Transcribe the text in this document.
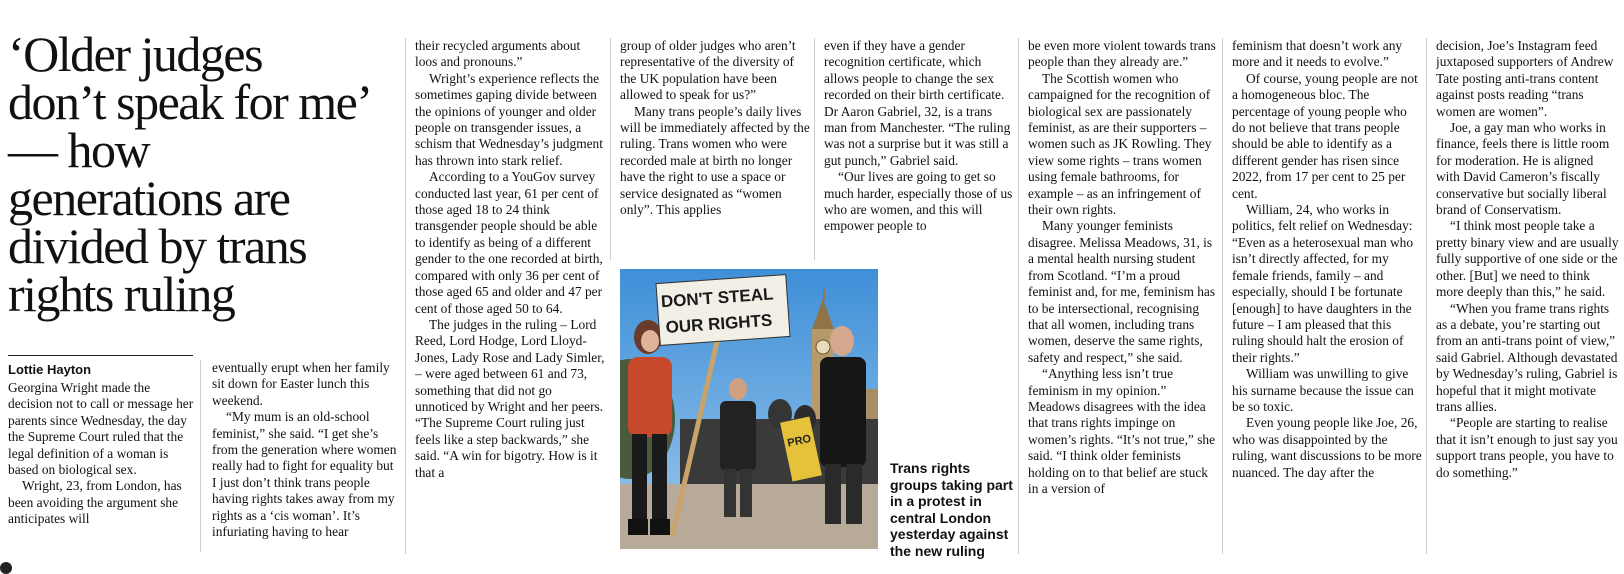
‘Older judges don’t speak for me’ — how generations are divided by trans rights ruling
Lottie Hayton

Georgina Wright made the decision not to call or message her parents since Wednesday, the day the Supreme Court ruled that the legal definition of a woman is based on biological sex.

Wright, 23, from London, has been avoiding the argument she anticipates will

eventually erupt when her family sit down for Easter lunch this weekend.

“My mum is an old-school feminist,” she said. “I get she’s from the generation where women really had to fight for equality but I just don’t think trans people having rights takes away from my rights as a ‘cis woman’. It’s infuriating having to hear

their recycled arguments about loos and pronouns.”

Wright’s experience reflects the sometimes gaping divide between the opinions of younger and older people on transgender issues, a schism that Wednesday’s judgment has thrown into stark relief.

According to a YouGov survey conducted last year, 61 per cent of those aged 18 to 24 think transgender people should be able to identify as being of a different gender to the one recorded at birth, compared with only 36 per cent of those aged 65 and older and 47 per cent of those aged 50 to 64.

The judges in the ruling – Lord Reed, Lord Hodge, Lord Lloyd-Jones, Lady Rose and Lady Simler, – were aged between 61 and 73, something that did not go unnoticed by Wright and her peers. “The Supreme Court ruling just feels like a step backwards,” she said. “A win for bigotry. How is it that a

group of older judges who aren’t representative of the diversity of the UK population have been allowed to speak for us?”

Many trans people’s daily lives will be immediately affected by the ruling. Trans women who were recorded male at birth no longer have the right to use a space or service designated as “women only”. This applies

even if they have a gender recognition certificate, which allows people to change the sex recorded on their birth certificate. Dr Aaron Gabriel, 32, is a trans man from Manchester. “The ruling was not a surprise but it was still a gut punch,” Gabriel said.

“Our lives are going to get so much harder, especially those of us who are women, and this will empower people to

be even more violent towards trans people than they already are.”

The Scottish women who campaigned for the recognition of biological sex are passionately feminist, as are their supporters – women such as JK Rowling. They view some rights – trans women using female bathrooms, for example – as an infringement of their own rights.

Many younger feminists disagree. Melissa Meadows, 31, is a mental health nursing student from Scotland. “I’m a proud feminist and, for me, feminism has to be intersectional, recognising that all women, including trans women, deserve the same rights, safety and respect,” she said.

“Anything less isn’t true feminism in my opinion.” Meadows disagrees with the idea that trans rights impinge on women’s rights. “It’s not true,” she said. “I think older feminists holding on to that belief are stuck in a version of

feminism that doesn’t work any more and it needs to evolve.”

Of course, young people are not a homogeneous bloc. The percentage of young people who do not believe that trans people should be able to identify as a different gender has risen since 2022, from 17 per cent to 25 per cent.

William, 24, who works in politics, felt relief on Wednesday: “Even as a heterosexual man who isn’t directly affected, for my female friends, family – and especially, should I be fortunate [enough] to have daughters in the future – I am pleased that this ruling should halt the erosion of their rights.”

William was unwilling to give his surname because the issue can be so toxic.

Even young people like Joe, 26, who was disappointed by the ruling, want discussions to be more nuanced. The day after the

decision, Joe’s Instagram feed juxtaposed supporters of Andrew Tate posting anti-trans content against posts reading “trans women are women”.

Joe, a gay man who works in finance, feels there is little room for moderation. He is aligned with David Cameron’s fiscally conservative but socially liberal brand of Conservatism.

“I think most people take a pretty binary view and are usually fully supportive of one side or the other. [But] we need to think more deeply than this,” he said.

“When you frame trans rights as a debate, you’re starting out from an anti-trans point of view,” said Gabriel. Although devastated by Wednesday’s ruling, Gabriel is hopeful that it might motivate trans allies.

“People are starting to realise that it isn’t enough to just say you support trans people, you have to do something.”

DON'T STEAL
OUR RIGHTS
PRO
Trans rights groups taking part in a protest in central London yesterday against the new ruling
